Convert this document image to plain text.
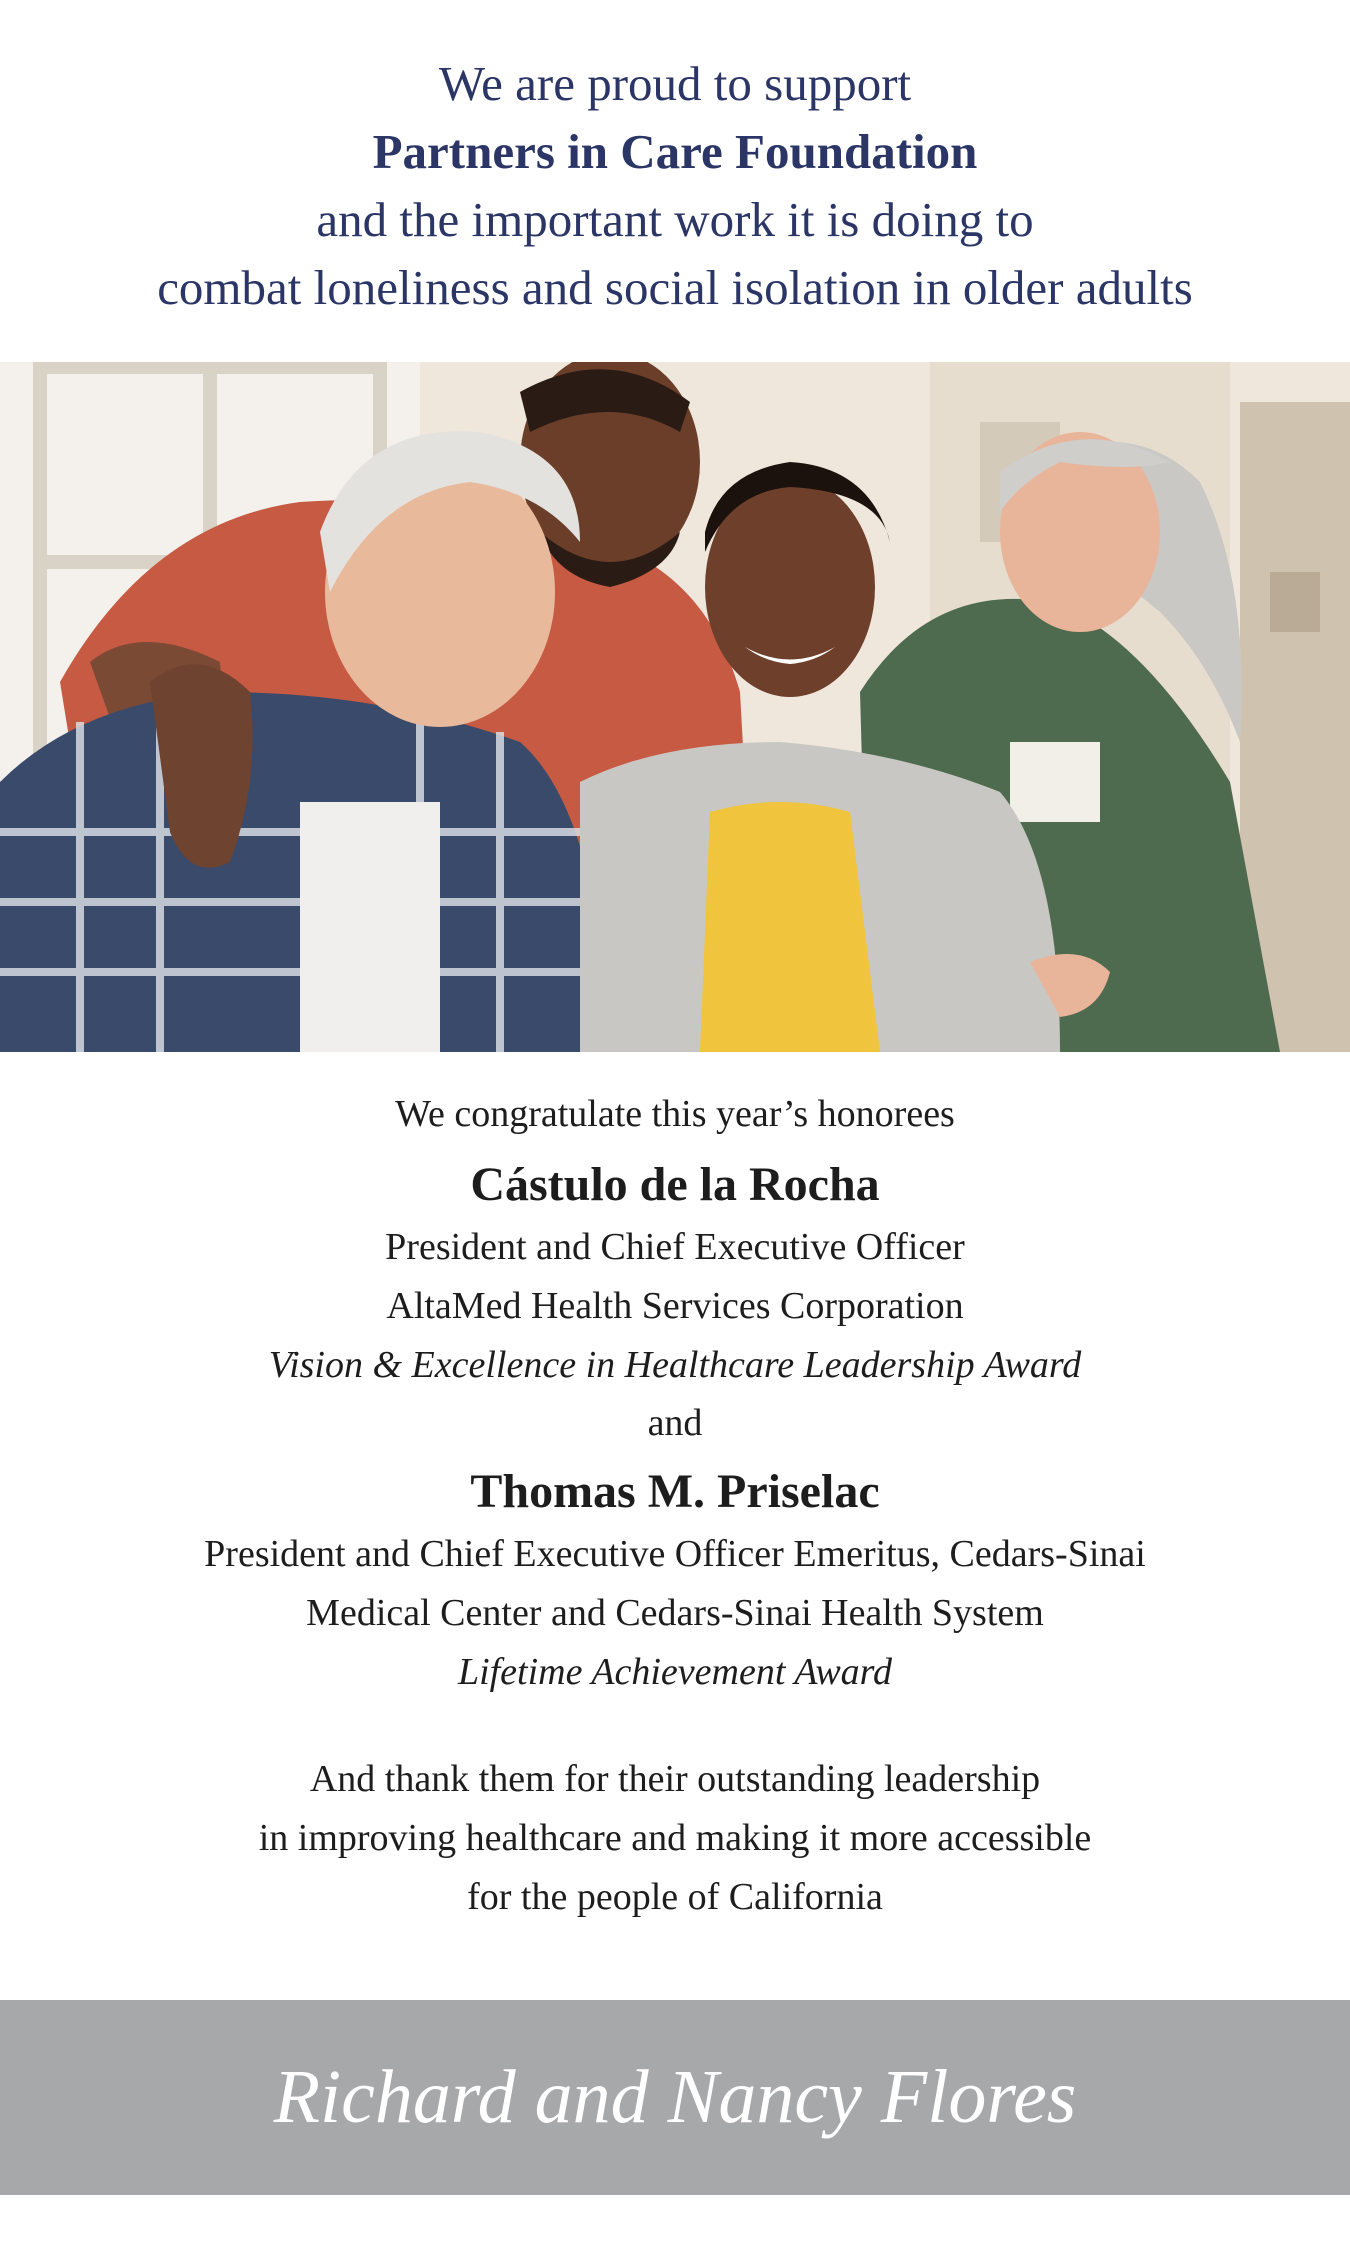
We are proud to support
Partners in Care Foundation
and the important work it is doing to
combat loneliness and social isolation in older adults
We congratulate this year’s honorees
Cástulo de la Rocha
President and Chief Executive Officer
AltaMed Health Services Corporation
Vision & Excellence in Healthcare Leadership Award
and
Thomas M. Priselac
President and Chief Executive Officer Emeritus, Cedars-Sinai
Medical Center and Cedars-Sinai Health System
Lifetime Achievement Award
And thank them for their outstanding leadership
in improving healthcare and making it more accessible
for the people of California
Richard and Nancy Flores
